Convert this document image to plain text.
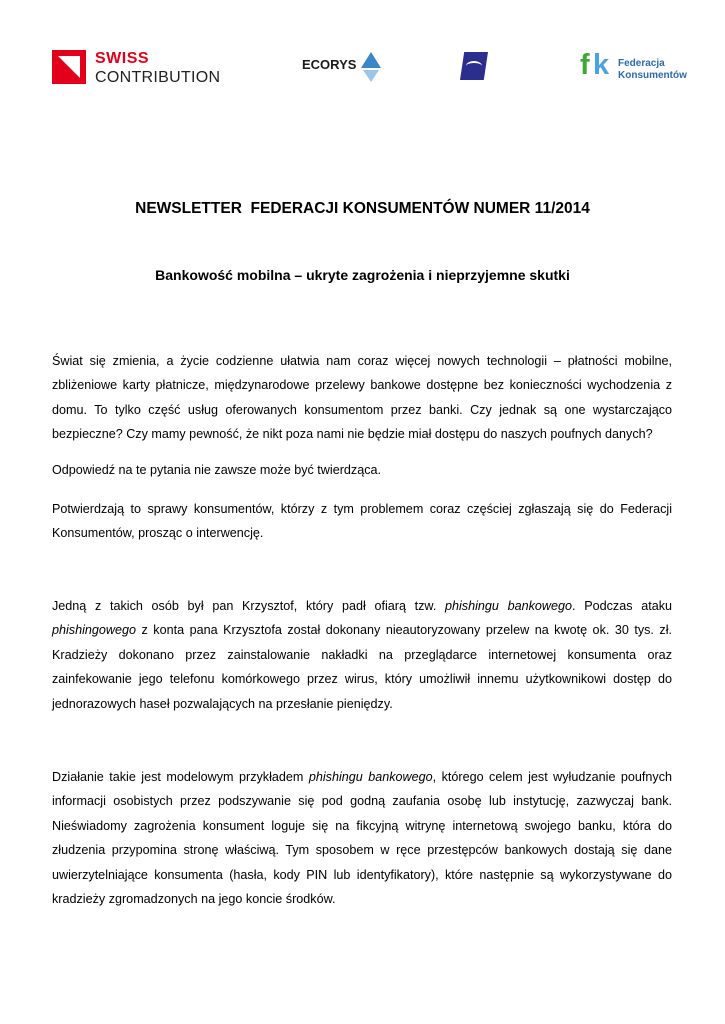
SWISS
CONTRIBUTION
ECORYS	f k Federacja
Konsumentów
NEWSLETTER  FEDERACJI KONSUMENTÓW NUMER 11/2014
Bankowość mobilna – ukryte zagrożenia i nieprzyjemne skutki

Świat się zmienia, a życie codzienne ułatwia nam coraz więcej nowych technologii – płatności mobilne, zbliżeniowe karty płatnicze, międzynarodowe przelewy bankowe dostępne bez konieczności wychodzenia z domu. To tylko część usług oferowanych konsumentom przez banki. Czy jednak są one wystarczająco bezpieczne? Czy mamy pewność, że nikt poza nami nie będzie miał dostępu do naszych poufnych danych?

Odpowiedź na te pytania nie zawsze może być twierdząca.

Potwierdzają to sprawy konsumentów, którzy z tym problemem coraz częściej zgłaszają się do Federacji Konsumentów, prosząc o interwencję.

Jedną z takich osób był pan Krzysztof, który padł ofiarą tzw. phishingu bankowego. Podczas ataku phishingowego z konta pana Krzysztofa został dokonany nieautoryzowany przelew na kwotę ok. 30 tys. zł. Kradzieży dokonano przez zainstalowanie nakładki na przeglądarce internetowej konsumenta oraz zainfekowanie jego telefonu komórkowego przez wirus, który umożliwił innemu użytkownikowi dostęp do jednorazowych haseł pozwalających na przesłanie pieniędzy.

Działanie takie jest modelowym przykładem phishingu bankowego, którego celem jest wyłudzanie poufnych informacji osobistych przez podszywanie się pod godną zaufania osobę lub instytucję, zazwyczaj bank. Nieświadomy zagrożenia konsument loguje się na fikcyjną witrynę internetową swojego banku, która do złudzenia przypomina stronę właściwą. Tym sposobem w ręce przestępców bankowych dostają się dane uwierzytelniające konsumenta (hasła, kody PIN lub identyfikatory), które następnie są wykorzystywane do kradzieży zgromadzonych na jego koncie środków.
